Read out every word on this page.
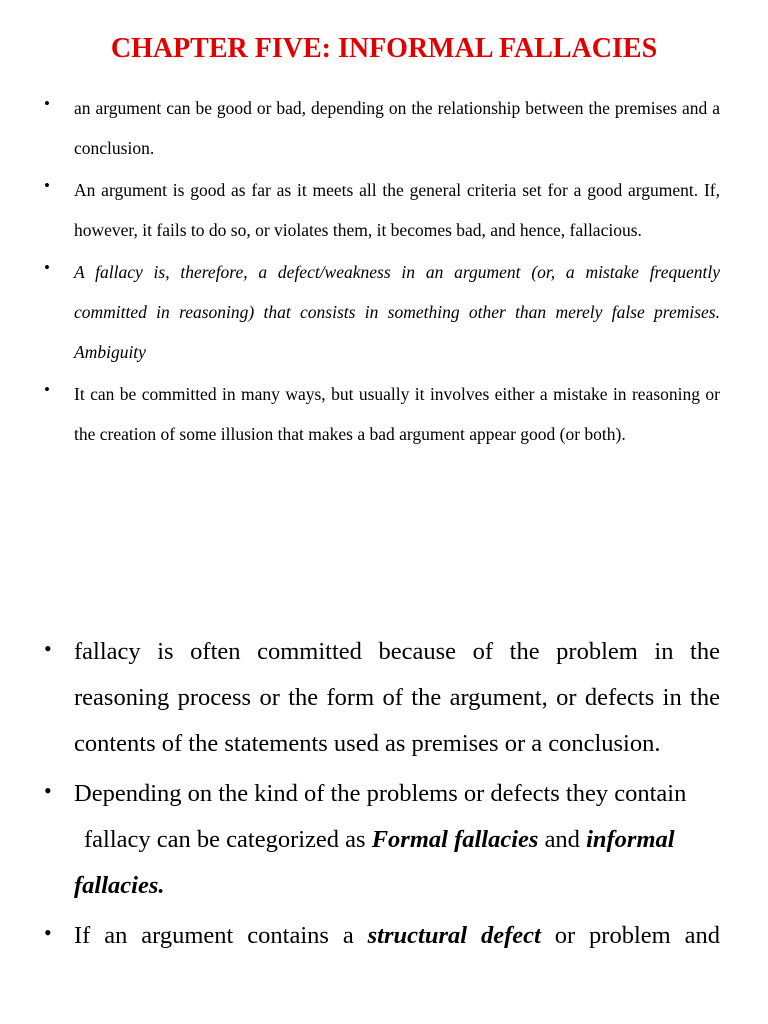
CHAPTER FIVE: INFORMAL FALLACIES
• an argument can be good or bad, depending on the relationship between the premises and a conclusion.
• An argument is good as far as it meets all the general criteria set for a good argument. If, however, it fails to do so, or violates them, it becomes bad, and hence, fallacious.
• A fallacy is, therefore, a defect/weakness in an argument (or, a mistake frequently committed in reasoning) that consists in something other than merely false premises. Ambiguity
• It can be committed in many ways, but usually it involves either a mistake in reasoning or the creation of some illusion that makes a bad argument appear good (or both).
• fallacy is often committed because of the problem in the reasoning process or the form of the argument, or defects in the contents of the statements used as premises or a conclusion.
• Depending on the kind of the problems or defects they contain
fallacy can be categorized as Formal fallacies and informal fallacies.
• If an argument contains a structural defect or problem and
